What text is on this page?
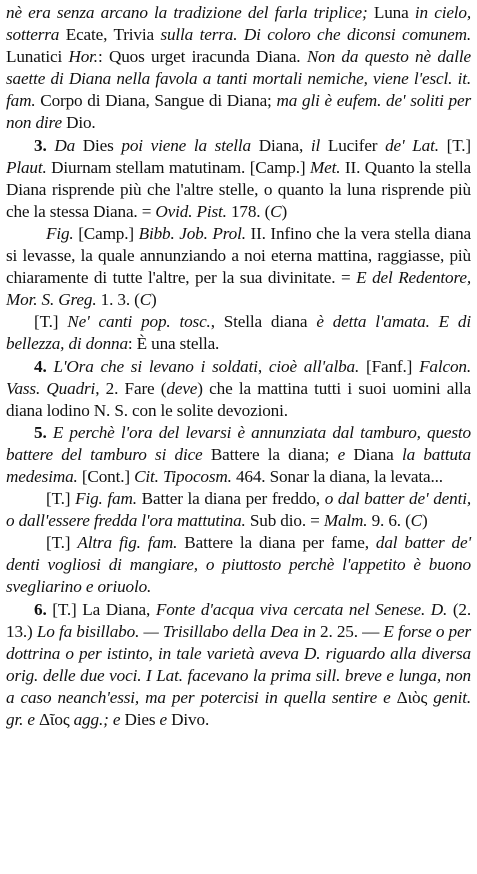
nè era senza arcano la tradizione del farla triplice; Luna in cielo, sotterra Ecate, Trivia sulla terra. Di coloro che diconsi comunem. Lunatici Hor.: Quos urget iracunda Diana. Non da questo nè dalle saette di Diana nella favola a tanti mortali nemiche, viene l'escl. it. fam. Corpo di Diana, Sangue di Diana; ma gli è eufem. de' soliti per non dire Dio.

3. Da Dies poi viene la stella Diana, il Lucifer de' Lat. [T.] Plaut. Diurnam stellam matutinam. [Camp.] Met. II. Quanto la stella Diana risprende più che l'altre stelle, o quanto la luna risprende più che la stessa Diana. = Ovid. Pist. 178. (C)

Fig. [Camp.] Bibb. Job. Prol. II. Infino che la vera stella diana si levasse, la quale annunziando a noi eterna mattina, raggiasse, più chiaramente di tutte l'altre, per la sua divinitate. = E del Redentore, Mor. S. Greg. 1. 3. (C)

[T.] Ne' canti pop. tosc., Stella diana è detta l'amata. E di bellezza, di donna: È una stella.

4. L'Ora che si levano i soldati, cioè all'alba. [Fanf.] Falcon. Vass. Quadri, 2. Fare (deve) che la mattina tutti i suoi uomini alla diana lodino N. S. con le solite devozioni.

5. E perchè l'ora del levarsi è annunziata dal tamburo, questo battere del tamburo si dice Battere la diana; e Diana la battuta medesima. [Cont.] Cit. Tipocosm. 464. Sonar la diana, la levata...

[T.] Fig. fam. Batter la diana per freddo, o dal batter de' denti, o dall'essere fredda l'ora mattutina. Sub dio. = Malm. 9. 6. (C)

[T.] Altra fig. fam. Battere la diana per fame, dal batter de' denti vogliosi di mangiare, o piuttosto perchè l'appetito è buono svegliarino e oriuolo.

6. [T.] La Diana, Fonte d'acqua viva cercata nel Senese. D. (2. 13.) Lo fa bisillabo. — Trisillabo della Dea in 2. 25. — E forse o per dottrina o per istinto, in tale varietà aveva D. riguardo alla diversa orig. delle due voci. I Lat. facevano la prima sill. breve e lunga, non a caso neanch'essi, ma per potercisi in quella sentire e Διὸς genit. gr. e Δῖος agg.; e Dies e Divo.
